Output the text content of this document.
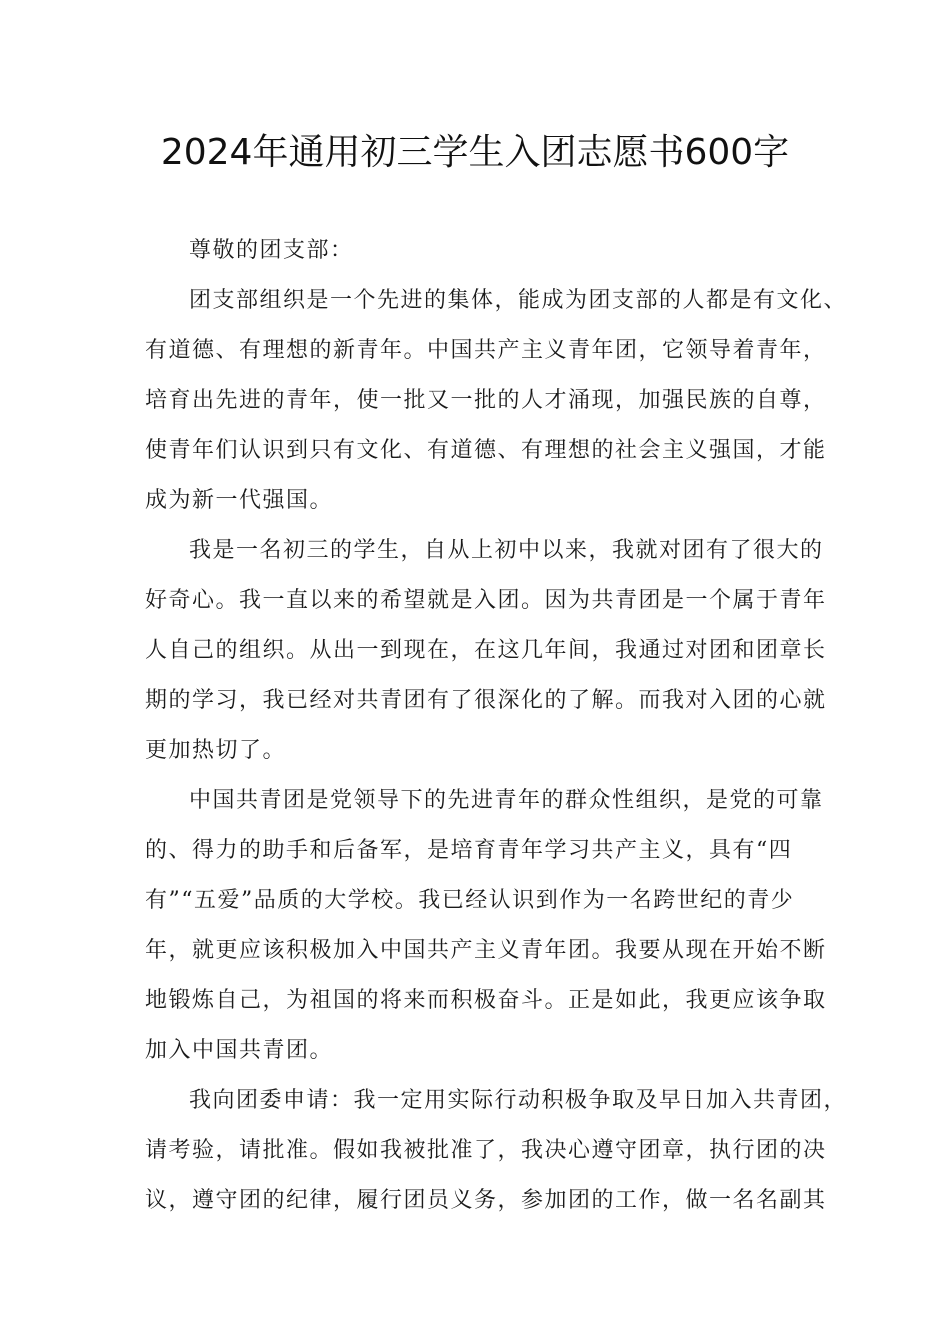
2024年通用初三学生入团志愿书600字
尊敬的团支部：
团支部组织是一个先进的集体，能成为团支部的人都是有文化、
有道德、有理想的新青年。中国共产主义青年团，它领导着青年，
培育出先进的青年，使一批又一批的人才涌现，加强民族的自尊，
使青年们认识到只有文化、有道德、有理想的社会主义强国，才能
成为新一代强国。
我是一名初三的学生，自从上初中以来，我就对团有了很大的
好奇心。我一直以来的希望就是入团。因为共青团是一个属于青年
人自己的组织。从出一到现在，在这几年间，我通过对团和团章长
期的学习，我已经对共青团有了很深化的了解。而我对入团的心就
更加热切了。
中国共青团是党领导下的先进青年的群众性组织，是党的可靠
的、得力的助手和后备军，是培育青年学习共产主义，具有“四
有”“五爱”品质的大学校。我已经认识到作为一名跨世纪的青少
年，就更应该积极加入中国共产主义青年团。我要从现在开始不断
地锻炼自己，为祖国的将来而积极奋斗。正是如此，我更应该争取
加入中国共青团。
我向团委申请：我一定用实际行动积极争取及早日加入共青团，
请考验，请批准。假如我被批准了，我决心遵守团章，执行团的决
议，遵守团的纪律，履行团员义务，参加团的工作，做一名名副其
